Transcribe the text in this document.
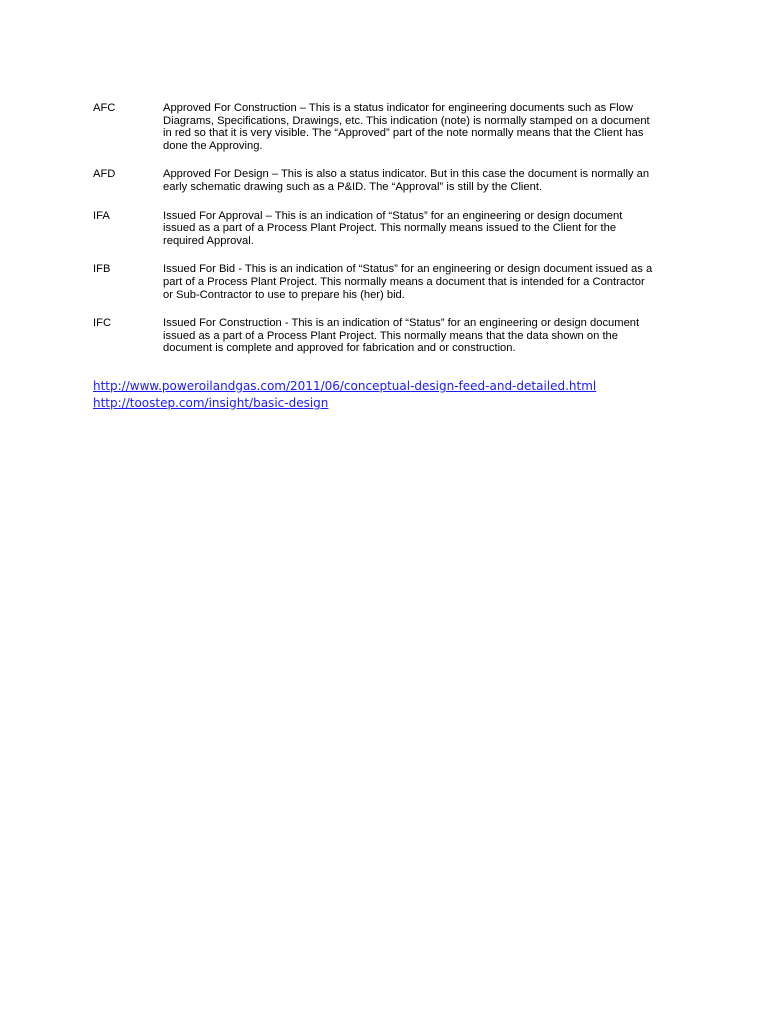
AFC	Approved For Construction – This is a status indicator for engineering documents such as Flow
Diagrams, Specifications, Drawings, etc. This indication (note) is normally stamped on a document
in red so that it is very visible. The “Approved” part of the note normally means that the Client has
done the Approving.
AFD	Approved For Design – This is also a status indicator. But in this case the document is normally an
early schematic drawing such as a P&ID. The “Approval” is still by the Client.
IFA	Issued For Approval – This is an indication of “Status” for an engineering or design document
issued as a part of a Process Plant Project. This normally means issued to the Client for the
required Approval.
IFB	Issued For Bid - This is an indication of “Status” for an engineering or design document issued as a
part of a Process Plant Project. This normally means a document that is intended for a Contractor
or Sub-Contractor to use to prepare his (her) bid.
IFC	Issued For Construction - This is an indication of “Status” for an engineering or design document
issued as a part of a Process Plant Project. This normally means that the data shown on the
document is complete and approved for fabrication and or construction.
http://www.poweroilandgas.com/2011/06/conceptual-design-feed-and-detailed.html
http://toostep.com/insight/basic-design
